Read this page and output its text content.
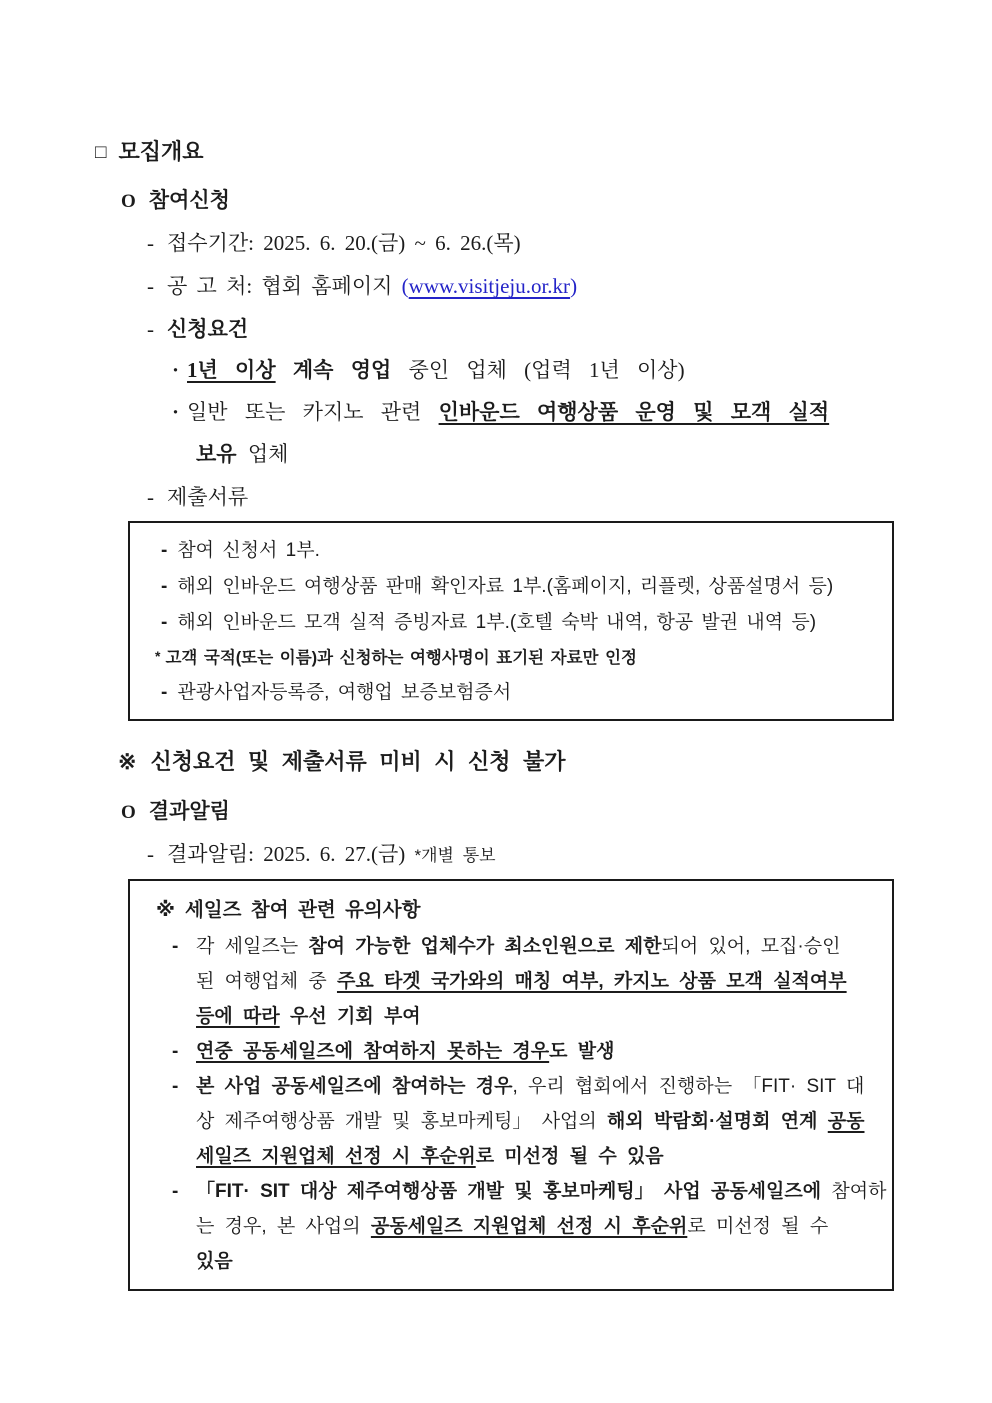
□ 모집개요
O 참여신청
- 접수기간: 2025. 6. 20.(금) ~ 6. 26.(목)
- 공 고 처: 협회 홈페이지 (www.visitjeju.or.kr)
- 신청요건
· 1년 이상 계속 영업 중인 업체 (업력 1년 이상)
· 일반 또는 카지노 관련 인바운드 여행상품 운영 및 모객 실적
보유 업체
- 제출서류
- 참여 신청서 1부.
- 해외 인바운드 여행상품 판매 확인자료 1부.(홈페이지, 리플렛, 상품설명서 등)
- 해외 인바운드 모객 실적 증빙자료 1부.(호텔 숙박 내역, 항공 발권 내역 등)
* 고객 국적(또는 이름)과 신청하는 여행사명이 표기된 자료만 인정
- 관광사업자등록증, 여행업 보증보험증서
※ 신청요건 및 제출서류 미비 시 신청 불가
O 결과알림
- 결과알림: 2025. 6. 27.(금) *개별 통보
※ 세일즈 참여 관련 유의사항
- 각 세일즈는 참여 가능한 업체수가 최소인원으로 제한되어 있어, 모집·승인
된 여행업체 중 주요 타겟 국가와의 매칭 여부, 카지노 상품 모객 실적여부
등에 따라 우선 기회 부여
- 연중 공동세일즈에 참여하지 못하는 경우도 발생
- 본 사업 공동세일즈에 참여하는 경우, 우리 협회에서 진행하는 「FIT· SIT 대
상 제주여행상품 개발 및 홍보마케팅」 사업의 해외 박람회·설명회 연계 공동
세일즈 지원업체 선정 시 후순위로 미선정 될 수 있음
- 「FIT· SIT 대상 제주여행상품 개발 및 홍보마케팅」 사업 공동세일즈에 참여하
는 경우, 본 사업의 공동세일즈 지원업체 선정 시 후순위로 미선정 될 수
있음
